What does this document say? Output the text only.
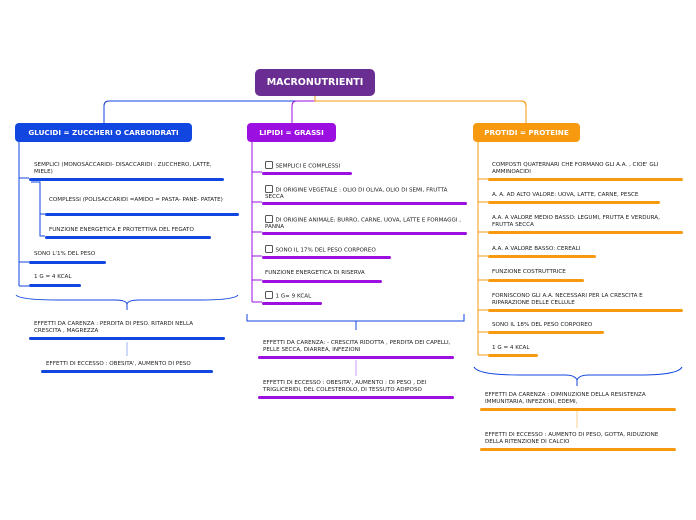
MACRONUTRIENTI
GLUCIDI = ZUCCHERI O CARBOIDRATI
SEMPLICI (MONOSACCARIDI- DISACCARIDI : ZUCCHERO, LATTE, MIELE)
COMPLESSI (POLISACCARIDI =AMIDO = PASTA- PANE- PATATE)
FUNZIONE ENERGETICA E PROTETTIVA DEL FEGATO
SONO L'1% DEL PESO
1 G = 4 KCAL
EFFETTI DA CARENZA : PERDITA DI PESO. RITARDI NELLA CRESCITA , MAGREZZA
EFFETTI DI ECCESSO : OBESITA', AUMENTO DI PESO
LIPIDI = GRASSI
SEMPLICI E COMPLESSI
DI ORIGINE VEGETALE : OLIO DI OLIVA, OLIO DI SEMI, FRUTTA SECCA
DI ORIGINE ANIMALE: BURRO, CARNE, UOVA, LATTE E FORMAGGI , PANNA
SONO IL 17% DEL PESO CORPOREO
FUNZIONE ENERGETICA DI RISERVA
1 G= 9 KCAL
EFFETTI DA CARENZA: - CRESCITA RIDOTTA , PERDITA DEI CAPELLI, PELLE SECCA, DIARREA, INFEZIONI
EFFETTI DI ECCESSO : OBESITA', AUMENTO : DI PESO , DEI TRIGLICERIDI, DEL COLESTEROLO, DI TESSUTO ADIPOSO
PROTIDI = PROTEINE
COMPOSTI QUATERNARI CHE FORMANO GLI A.A. , CIOE' GLI AMMINOACIDI
A. A. AD ALTO VALORE: UOVA, LATTE, CARNE, PESCE
A.A. A VALORE MEDIO BASSO: LEGUMI, FRUTTA E VERDURA, FRUTTA SECCA
A.A. A VALORE BASSO: CEREALI
FUNZIONE COSTRUTTRICE
FORNISCONO GLI A.A. NECESSARI PER LA CRESCITA E RIPARAZIONE DELLE CELLULE
SONO IL 18% DEL PESO CORPOREO
1 G = 4 KCAL
EFFETTI DA CARENZA : DIMINUZIONE DELLA RESISTENZA IMMUNITARIA, INFEZIONI, EDEMI,
EFFETTI DI ECCESSO : AUMENTO DI PESO, GOTTA, RIDUZIONE DELLA RITENZIONE DI CALCIO
